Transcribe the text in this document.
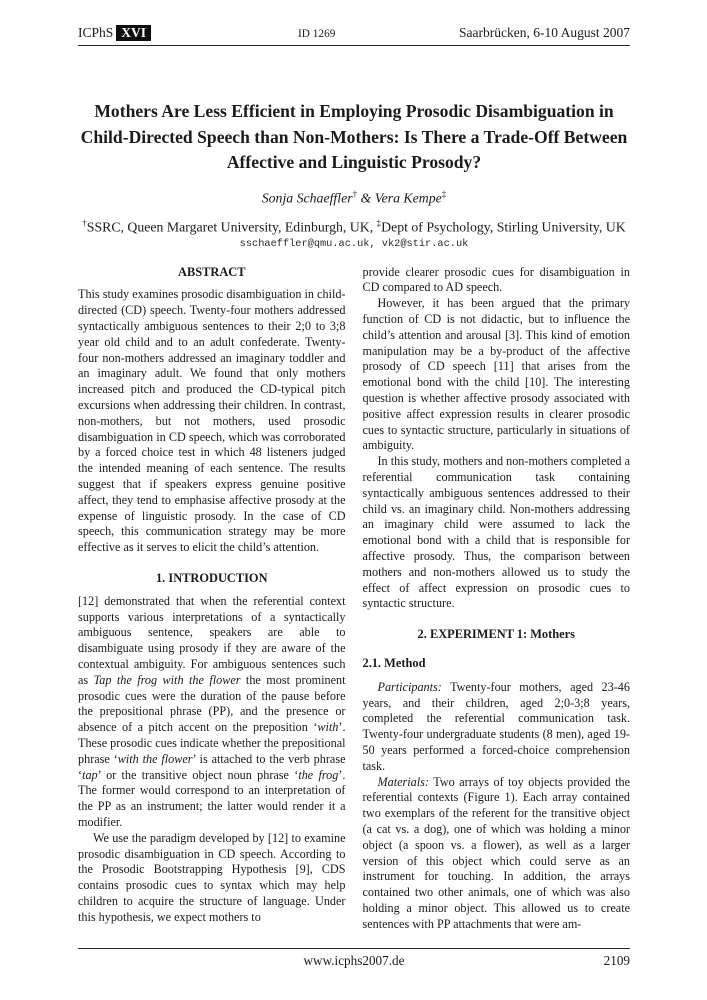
ICPhS XVI	ID 1269	Saarbrücken, 6-10 August 2007
Mothers Are Less Efficient in Employing Prosodic Disambiguation in
Child-Directed Speech than Non-Mothers: Is There a Trade-Off Between
Affective and Linguistic Prosody?
Sonja Schaeffler† & Vera Kempe‡
†SSRC, Queen Margaret University, Edinburgh, UK, ‡Dept of Psychology, Stirling University, UK
sschaeffler@qmu.ac.uk, vk2@stir.ac.uk
ABSTRACT

This study examines prosodic disambiguation in child-directed (CD) speech. Twenty-four mothers addressed syntactically ambiguous sentences to their 2;0 to 3;8 year old child and to an adult confederate. Twenty-four non-mothers addressed an imaginary toddler and an imaginary adult. We found that only mothers increased pitch and produced the CD-typical pitch excursions when addressing their children. In contrast, non-mothers, but not mothers, used prosodic disambiguation in CD speech, which was corroborated by a forced choice test in which 48 listeners judged the intended meaning of each sentence. The results suggest that if speakers express genuine positive affect, they tend to emphasise affective prosody at the expense of linguistic prosody. In the case of CD speech, this communication strategy may be more effective as it serves to elicit the child’s attention.

1. INTRODUCTION

[12] demonstrated that when the referential context supports various interpretations of a syntactically ambiguous sentence, speakers are able to disambiguate using prosody if they are aware of the contextual ambiguity. For ambiguous sentences such as Tap the frog with the flower the most prominent prosodic cues were the duration of the pause before the prepositional phrase (PP), and the presence or absence of a pitch accent on the preposition ‘with’. These prosodic cues indicate whether the prepositional phrase ‘with the flower’ is attached to the verb phrase ‘tap’ or the transitive object noun phrase ‘the frog’. The former would correspond to an interpretation of the PP as an instrument; the latter would render it a modifier.

We use the paradigm developed by [12] to examine prosodic disambiguation in CD speech. According to the Prosodic Bootstrapping Hypothesis [9], CDS contains prosodic cues to syntax which may help children to acquire the structure of language. Under this hypothesis, we expect mothers to

provide clearer prosodic cues for disambiguation in CD compared to AD speech.

However, it has been argued that the primary function of CD is not didactic, but to influence the child’s attention and arousal [3]. This kind of emotion manipulation may be a by-product of the affective prosody of CD speech [11] that arises from the emotional bond with the child [10]. The interesting question is whether affective prosody associated with positive affect expression results in clearer prosodic cues to syntactic structure, particularly in situations of ambiguity.

In this study, mothers and non-mothers completed a referential communication task containing syntactically ambiguous sentences addressed to their child vs. an imaginary child. Non-mothers addressing an imaginary child were assumed to lack the emotional bond with a child that is responsible for affective prosody. Thus, the comparison between mothers and non-mothers allowed us to study the effect of affect expression on prosodic cues to syntactic structure.

2. EXPERIMENT 1: Mothers
2.1. Method

Participants: Twenty-four mothers, aged 23-46 years, and their children, aged 2;0-3;8 years, completed the referential communication task. Twenty-four undergraduate students (8 men), aged 19-50 years performed a forced-choice comprehension task.

Materials: Two arrays of toy objects provided the referential contexts (Figure 1). Each array contained two exemplars of the referent for the transitive object (a cat vs. a dog), one of which was holding a minor object (a spoon vs. a flower), as well as a larger version of this object which could serve as an instrument for touching. In addition, the arrays contained two other animals, one of which was also holding a minor object. This allowed us to create sentences with PP attachments that were am-

www.icphs2007.de	2109
